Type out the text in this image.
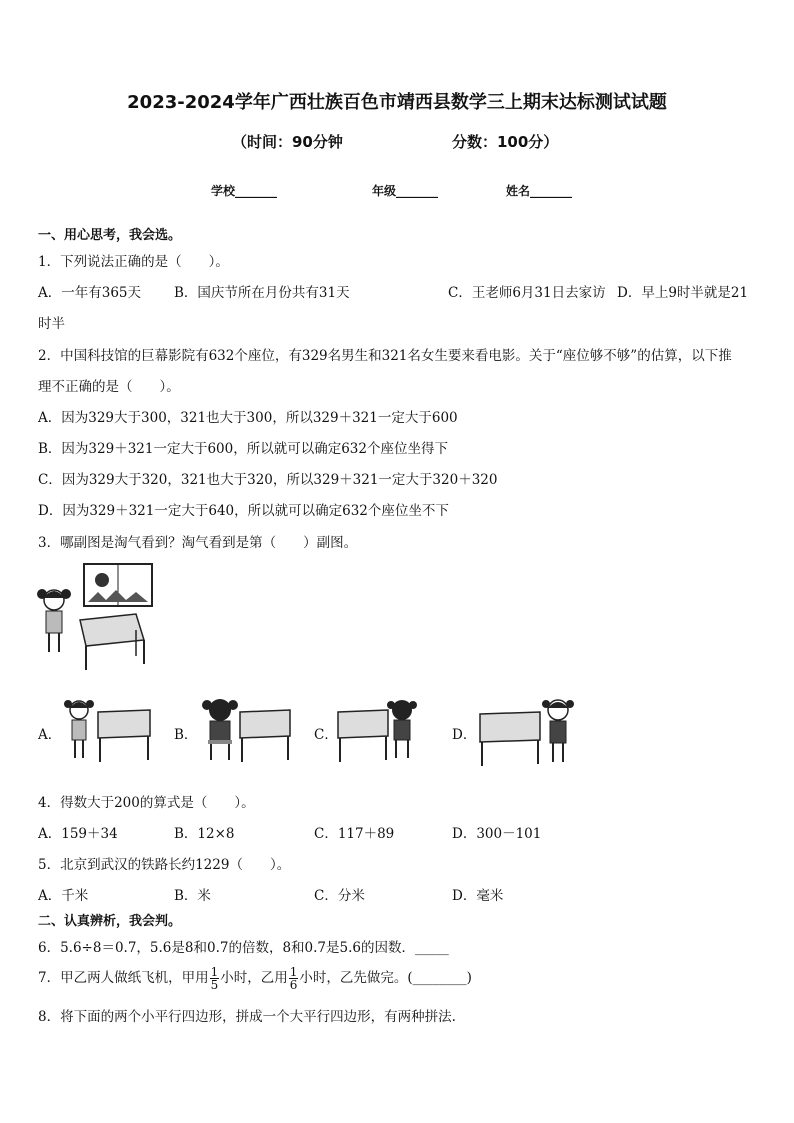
2023-2024学年广西壮族百色市靖西县数学三上期末达标测试试题
（时间：90分钟	分数：100分）
学校_______	年级_______	姓名_______
一、用心思考，我会选。
1．下列说法正确的是（　　）。
A．一年有365天 B．国庆节所在月份共有31天	C．王老师6月31日去家访 D．早上9时半就是21
时半
2．中国科技馆的巨幕影院有632个座位，有329名男生和321名女生要来看电影。关于“座位够不够”的估算，以下推
理不正确的是（　　）。
A．因为329大于300，321也大于300，所以329＋321一定大于600
B．因为329＋321一定大于600，所以就可以确定632个座位坐得下
C．因为329大于320，321也大于320，所以329＋321一定大于320＋320
D．因为329＋321一定大于640，所以就可以确定632个座位坐不下
3．哪副图是淘气看到？淘气看到是第（　　）副图。
A．	B．	C．	D．
4．得数大于200的算式是（　　）。
A．159＋34	B．12×8	C．117＋89	D．300－101
5．北京到武汉的铁路长约1229（　　）。
A．千米	B．米	C．分米	D．毫米
二、认真辨析，我会判。
6．5.6÷8＝0.7，5.6是8和0.7的倍数，8和0.7是5.6的因数．_____
7．甲乙两人做纸飞机，甲用 $\frac{1}{5}$ 小时，乙用 $\frac{1}{6}$ 小时，乙先做完。(________)
8．将下面的两个小平行四边形，拼成一个大平行四边形，有两种拼法.
